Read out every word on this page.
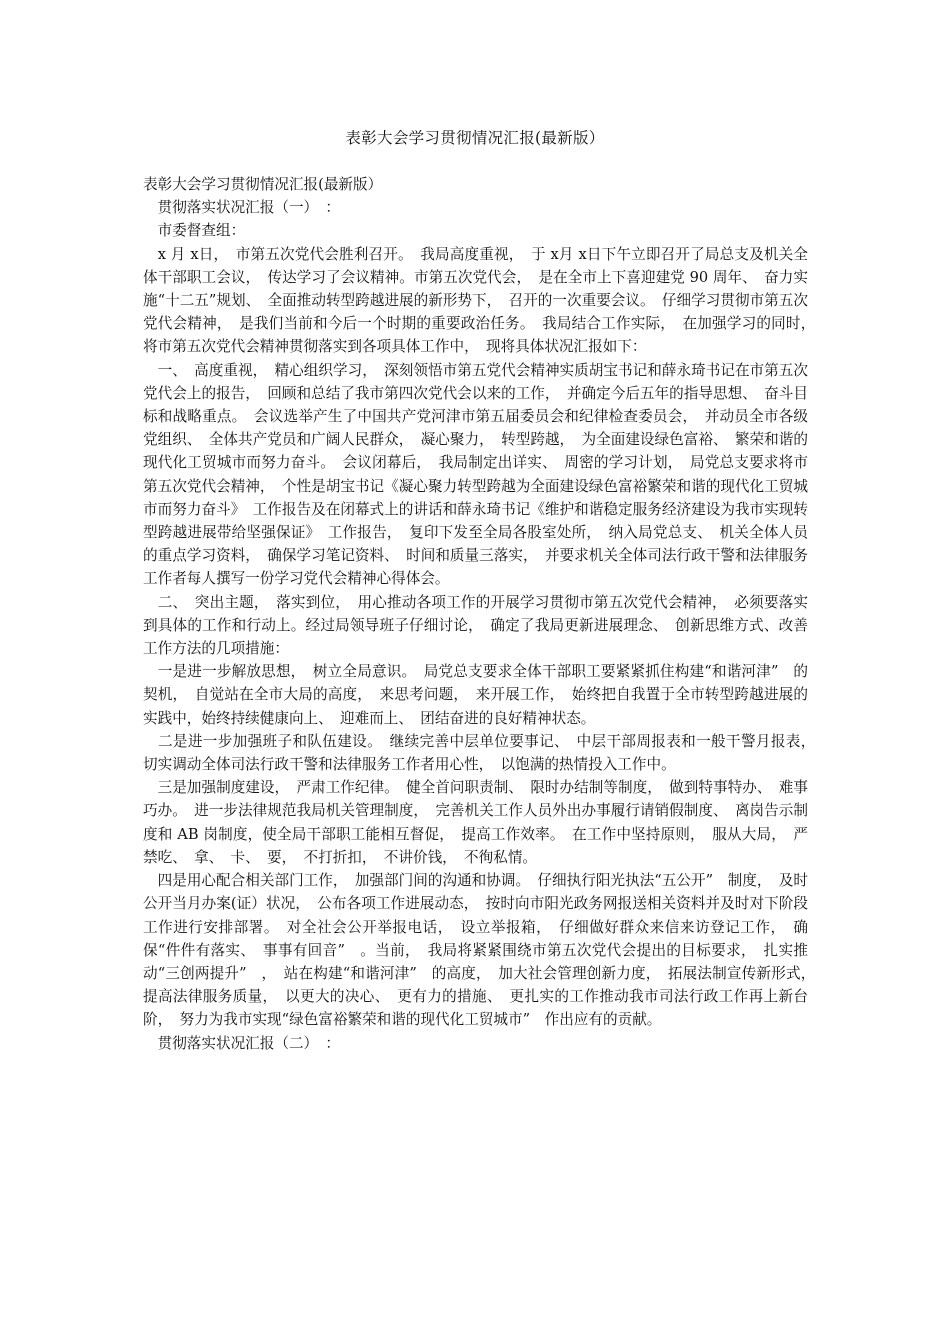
表彰大会学习贯彻情况汇报(最新版）

表彰大会学习贯彻情况汇报(最新版）

　贯彻落实状况汇报（一）　：

　市委督查组：

　x 月 x日，　市第五次党代会胜利召开。　我局高度重视，　于 x月 x日下午立即召开了局总支及机关全体干部职工会议，　传达学习了会议精神。市第五次党代会，　是在全市上下喜迎建党 90 周年、　奋力实施“十二五”规划、　全面推动转型跨越进展的新形势下，　召开的一次重要会议。　仔细学习贯彻市第五次党代会精神，　是我们当前和今后一个时期的重要政治任务。　我局结合工作实际，　在加强学习的同时，　将市第五次党代会精神贯彻落实到各项具体工作中，　现将具体状况汇报如下：

　一、　高度重视，　精心组织学习，　深刻领悟市第五党代会精神实质胡宝书记和薛永琦书记在市第五次党代会上的报告，　回顾和总结了我市第四次党代会以来的工作，　并确定今后五年的指导思想、　奋斗目标和战略重点。　会议选举产生了中国共产党河津市第五届委员会和纪律检查委员会，　并动员全市各级党组织、　全体共产党员和广阔人民群众，　凝心聚力，　转型跨越，　为全面建设绿色富裕、　繁荣和谐的现代化工贸城市而努力奋斗。　会议闭幕后，　我局制定出详实、　周密的学习计划，　局党总支要求将市第五次党代会精神，　个性是胡宝书记《凝心聚力转型跨越为全面建设绿色富裕繁荣和谐的现代化工贸城市而努力奋斗》　工作报告及在闭幕式上的讲话和薛永琦书记《维护和谐稳定服务经济建设为我市实现转型跨越进展带给坚强保证》　工作报告，　复印下发至全局各股室处所，　纳入局党总支、　机关全体人员的重点学习资料，　确保学习笔记资料、　时间和质量三落实，　并要求机关全体司法行政干警和法律服务工作者每人撰写一份学习党代会精神心得体会。

　二、　突出主题，　落实到位，　用心推动各项工作的开展学习贯彻市第五次党代会精神，　必须要落实到具体的工作和行动上。经过局领导班子仔细讨论，　确定了我局更新进展理念、　创新思维方式、改善工作方法的几项措施：

　一是进一步解放思想，　树立全局意识。　局党总支要求全体干部职工要紧紧抓住构建“和谐河津”　的契机，　自觉站在全市大局的高度，　来思考问题，　来开展工作，　始终把自我置于全市转型跨越进展的实践中，始终持续健康向上、　迎难而上、　团结奋进的良好精神状态。

　二是进一步加强班子和队伍建设。　继续完善中层单位要事记、　中层干部周报表和一般干警月报表，　切实调动全体司法行政干警和法律服务工作者用心性，　以饱满的热情投入工作中。

　三是加强制度建设，　严肃工作纪律。　健全首问职责制、　限时办结制等制度，　做到特事特办、　难事巧办。　进一步法律规范我局机关管理制度，　完善机关工作人员外出办事履行请销假制度、　离岗告示制度和 AB 岗制度，使全局干部职工能相互督促，　提高工作效率。　在工作中坚持原则，　服从大局，　严禁吃、　拿、　卡、　要，　不打折扣，　不讲价钱，　不徇私情。

　四是用心配合相关部门工作，　加强部门间的沟通和协调。　仔细执行阳光执法“五公开”　制度，　及时公开当月办案(证）状况，　公布各项工作进展动态，　按时向市阳光政务网报送相关资料并及时对下阶段工作进行安排部署。　对全社会公开举报电话，　设立举报箱，　仔细做好群众来信来访登记工作，　确保“件件有落实、　事事有回音”　。当前，　我局将紧紧围绕市第五次党代会提出的目标要求，　扎实推动“三创两提升”　，　站在构建“和谐河津”　的高度，　加大社会管理创新力度，　拓展法制宣传新形式，　提高法律服务质量，　以更大的决心、　更有力的措施、　更扎实的工作推动我市司法行政工作再上新台阶，　努力为我市实现“绿色富裕繁荣和谐的现代化工贸城市”　作出应有的贡献。

　贯彻落实状况汇报（二）　：
